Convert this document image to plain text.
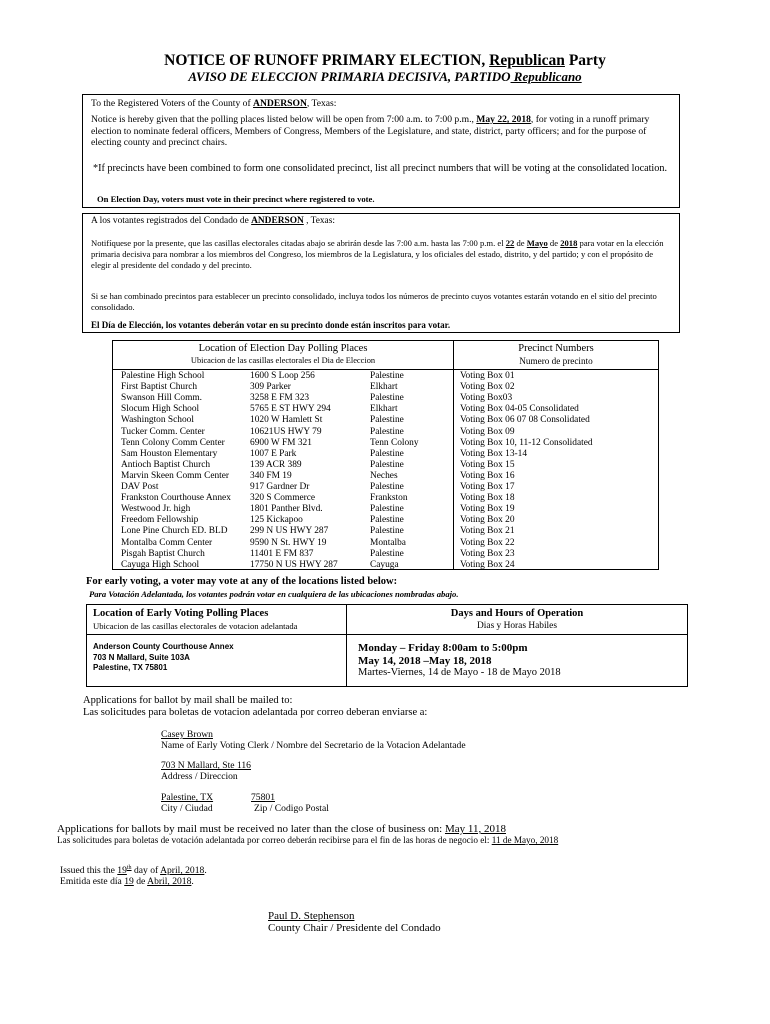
NOTICE OF RUNOFF PRIMARY ELECTION, Republican Party
AVISO DE ELECCION PRIMARIA DECISIVA, PARTIDO Republicano

To the Registered Voters of the County of ANDERSON, Texas:

Notice is hereby given that the polling places listed below will be open from 7:00 a.m. to 7:00 p.m., May 22, 2018, for voting in a runoff primary election to nominate federal officers, Members of Congress, Members of the Legislature, and state, district, party officers; and for the purpose of electing county and precinct chairs.

*If precincts have been combined to form one consolidated precinct, list all precinct numbers that will be voting at the consolidated location.

On Election Day, voters must vote in their precinct where registered to vote.

A los votantes registrados del Condado de ANDERSON , Texas:

Notifíquese por la presente, que las casillas electorales citadas abajo se abrirán desde las 7:00 a.m. hasta las 7:00 p.m. el 22 de Mayo de 2018 para votar en la elección primaria decisiva para nombrar a los miembros del Congreso, los miembros de la Legislatura, y los oficiales del estado, distrito, y del partido; y con el propósito de elegir al presidente del condado y del precinto.

Si se han combinado precintos para establecer un precinto consolidado, incluya todos los números de precinto cuyos votantes estarán votando en el sitio del precinto consolidado.

El Día de Elección, los votantes deberán votar en su precinto donde están inscritos para votar.

Location of Election Day Polling Places
Ubicacion de las casillas electorales el Dia de Eleccion
Precinct Numbers
Numero de precinto
Palestine High School	1600 S Loop 256	Palestine	Voting Box 01
First Baptist Church	309 Parker	Elkhart	Voting Box 02
Swanson Hill Comm.	3258 E FM 323	Palestine	Voting Box03
Slocum High School	5765 E ST HWY 294	Elkhart	Voting Box 04-05 Consolidated
Washington School	1020 W Hamlett St	Palestine	Voting Box 06 07 08 Consolidated
Tucker Comm. Center	10621US HWY 79	Palestine	Voting Box 09
Tenn Colony Comm Center	6900 W FM 321	Tenn Colony	Voting Box 10, 11-12 Consolidated
Sam Houston Elementary	1007 E Park	Palestine	Voting Box 13-14
Antioch Baptist Church	139 ACR 389	Palestine	Voting Box 15
Marvin Skeen Comm Center 340 FM 19	Neches	Voting Box 16
DAV Post	917 Gardner Dr	Palestine	Voting Box 17
Frankston Courthouse Annex 320 S Commerce	Frankston	Voting Box 18
Westwood Jr. high	1801 Panther Blvd.	Palestine	Voting Box 19
Freedom Fellowship	125 Kickapoo	Palestine	Voting Box 20
Lone Pine Church ED. BLD 299 N US HWY 287	Palestine	Voting Box 21
Montalba Comm Center	9590 N St. HWY 19	Montalba	Voting Box 22
Pisgah Baptist Church	11401 E FM 837	Palestine	Voting Box 23
Cayuga High School	17750 N US HWY 287	Cayuga	Voting Box 24
For early voting, a voter may vote at any of the locations listed below:
Para Votación Adelantada, los votantes podrán votar en cualquiera de las ubicaciones nombradas abajo.
Location of Early Voting Polling Places
Ubicacion de las casillas electorales de votacion adelantada
Days and Hours of Operation
Dias y Horas Habiles
Anderson County Courthouse Annex
703 N Mallard, Suite 103A
Palestine, TX 75801
Monday – Friday 8:00am to 5:00pm
May 14, 2018 –May 18, 2018
Martes-Viernes, 14 de Mayo - 18 de Mayo 2018
Applications for ballot by mail shall be mailed to:
Las solicitudes para boletas de votacion adelantada por correo deberan enviarse a:
Casey Brown
Name of Early Voting Clerk / Nombre del Secretario de la Votacion Adelantade
703 N Mallard, Ste 116
Address / Direccion
Palestine, TX	75801
City / Ciudad	Zip / Codigo Postal
Applications for ballots by mail must be received no later than the close of business on: May 11, 2018
Las solicitudes para boletas de votación adelantada por correo deberán recibirse para el fin de las horas de negocio el: 11 de Mayo, 2018
Issued this the 19th day of April, 2018.
Emitida este día 19 de Abril, 2018.
Paul D. Stephenson
County Chair / Presidente del Condado
